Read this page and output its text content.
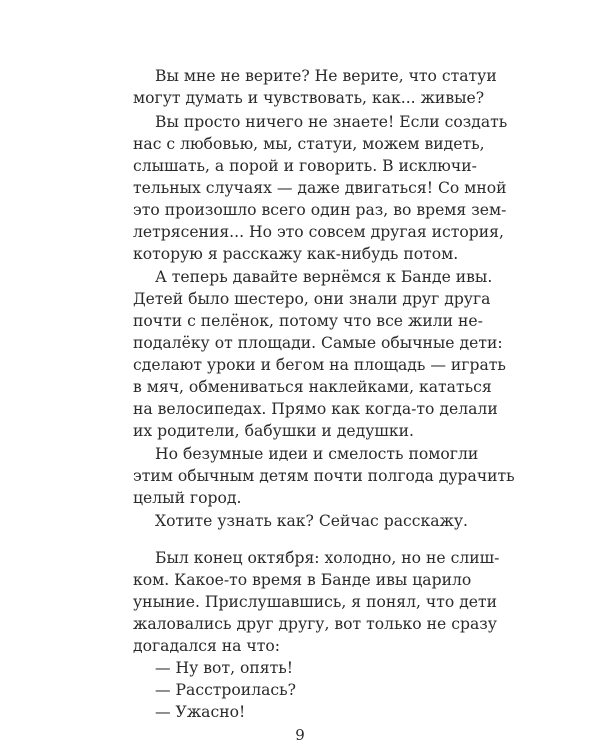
Вы мне не верите? Не верите, что статуи
могут думать и чувствовать, как... живые?
Вы просто ничего не знаете! Если создать
нас с любовью, мы, статуи, можем видеть,
слышать, а порой и говорить. В исключи-
тельных случаях — даже двигаться! Со мной
это произошло всего один раз, во время зем-
летрясения... Но это совсем другая история,
которую я расскажу как-нибудь потом.
А теперь давайте вернёмся к Банде ивы.
Детей было шестеро, они знали друг друга
почти с пелёнок, потому что все жили не-
подалёку от площади. Самые обычные дети:
сделают уроки и бегом на площадь — играть
в мяч, обмениваться наклейками, кататься
на велосипедах. Прямо как когда-то делали
их родители, бабушки и дедушки.
Но безумные идеи и смелость помогли
этим обычным детям почти полгода дурачить
целый город.
Хотите узнать как? Сейчас расскажу.
Был конец октября: холодно, но не слиш-
ком. Какое-то время в Банде ивы царило
уныние. Прислушавшись, я понял, что дети
жаловались друг другу, вот только не сразу
догадался на что:
— Ну вот, опять!
— Расстроилась?
— Ужасно!
9
